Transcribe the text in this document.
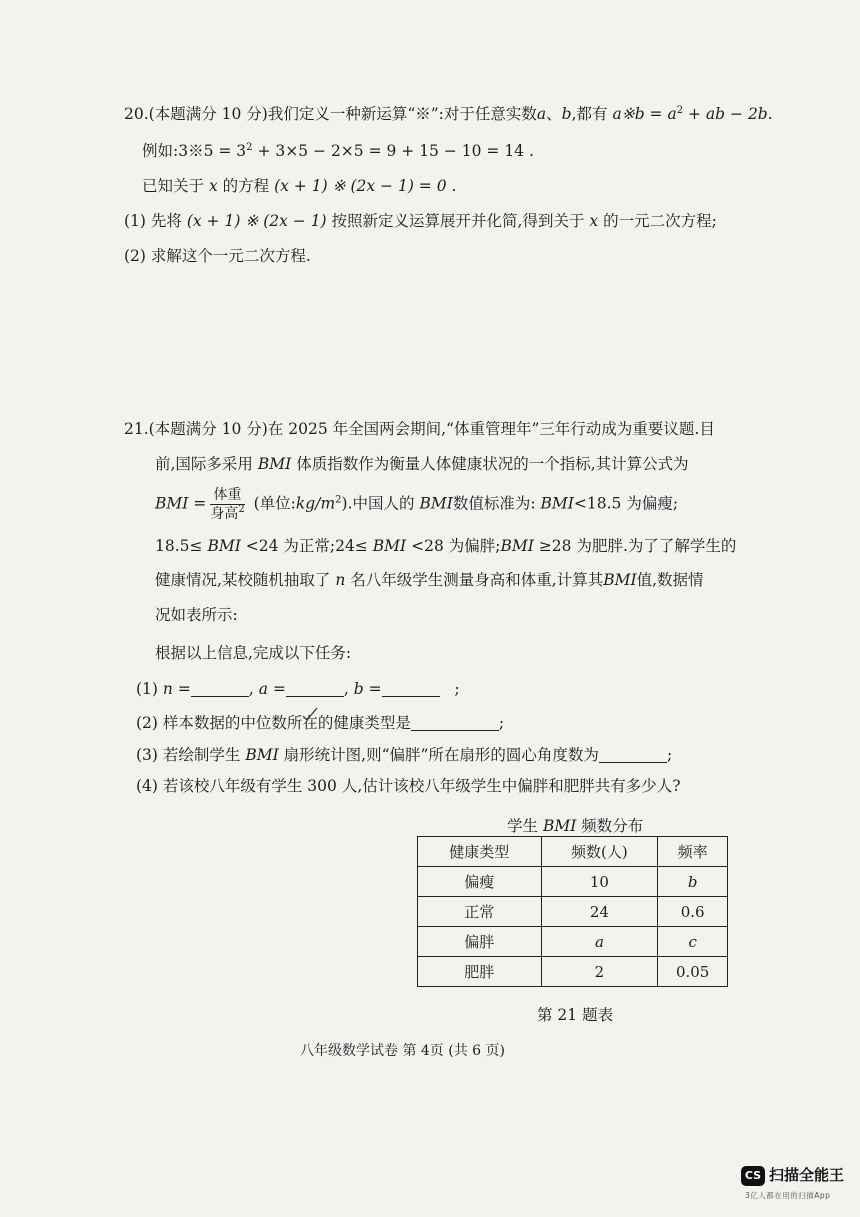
20.(本题满分 10 分)我们定义一种新运算“※”:对于任意实数a、b,都有 a※b = $a^2$ + ab − 2b.
例如:3※5 = $3^2 + 3\times 5 - 2\times 5 = 9 + 15 - 10 = 14$ .
已知关于 x 的方程 (x + 1) ※ (2x − 1) = 0 .
(1) 先将 (x + 1) ※ (2x − 1) 按照新定义运算展开并化简,得到关于 x 的一元二次方程;
(2) 求解这个一元二次方程.
21.(本题满分 10 分)在 2025 年全国两会期间,“体重管理年”三年行动成为重要议题.目
前,国际多采用 BMI 体质指数作为衡量人体健康状况的一个指标,其计算公式为
BMI = $\frac{\text{体重}}{身高^2}$ (单位$:kg/m^2$).中国人的 BMI数值标准为: BMI<18.5 为偏瘦;
18.5≤ BMI <24 为正常;24≤ BMI <28 为偏胖;BMI ≥28 为肥胖.为了了解学生的
健康情况,某校随机抽取了 n 名八年级学生测量身高和体重,计算其BMI值,数据情
况如表所示:
根据以上信息,完成以下任务:
(1) n =	, a =	, b =	;
(2) 样本数据的中位数所在的健康类型是	;
(3) 若绘制学生 BMI 扇形统计图,则“偏胖”所在扇形的圆心角度数为	;
(4) 若该校八年级有学生 300 人,估计该校八年级学生中偏胖和肥胖共有多少人?
学生 BMI 频数分布
健康类型	频数(人)	频率
偏瘦	10	b
正常	24	0.6
偏胖	a	c
肥胖	2	0.05
第 21 题表
八年级数学试卷 第 4页 (共 6 页)
CS 扫描全能王
3亿人都在用的扫描App
